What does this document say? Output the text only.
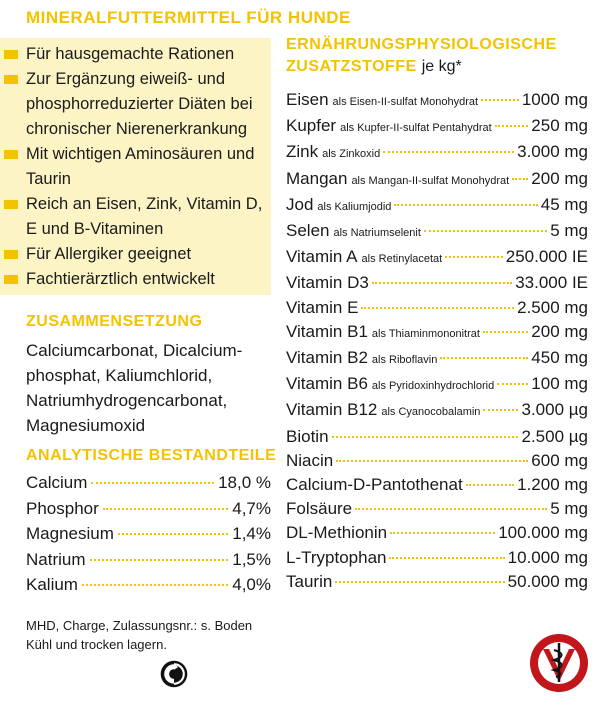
MINERALFUTTERMITTEL FÜR HUNDE
Für hausgemachte Rationen
Zur Ergänzung eiweiß- und phosphorreduzierter Diäten bei chronischer Nierenerkrankung
Mit wichtigen Aminosäuren und Taurin
Reich an Eisen, Zink, Vitamin D, E und B-Vitaminen
Für Allergiker geeignet
Fachtierärztlich entwickelt
ZUSAMMENSETZUNG
Calciumcarbonat, Dicalcium-phosphat, Kaliumchlorid, Natriumhydrogencarbonat, Magnesiumoxid
ANALYTISCHE BESTANDTEILE
Calcium	18,0 %
Phosphor	4,7%
Magnesium	1,4%
Natrium	1,5%
Kalium	4,0%
MHD, Charge, Zulassungsnr.: s. Boden
Kühl und trocken lagern.
ERNÄHRUNGSPHYSIOLOGISCHE ZUSATZSTOFFE je kg*
Eisen als Eisen-II-sulfat Monohydrat	1000 mg
Kupfer als Kupfer-II-sulfat Pentahydrat 250 mg
Zink als Zinkoxid	3.000 mg
Mangan als Mangan-II-sulfat Monohydrat 200 mg
Jod als Kaliumjodid	45 mg
Selen als Natriumselenit	5 mg
Vitamin A als Retinylacetat	250.000 IE
Vitamin D3	33.000 IE
Vitamin E	2.500 mg
Vitamin B1 als Thiaminmononitrat	200 mg
Vitamin B2 als Riboflavin	450 mg
Vitamin B6 als Pyridoxinhydrochlorid 100 mg
Vitamin B12 als Cyanocobalamin 3.000 µg
Biotin	2.500 µg
Niacin	600 mg
Calcium-D-Pantothenat	1.200 mg
Folsäure	5 mg
DL-Methionin	100.000 mg
L-Tryptophan	10.000 mg
Taurin	50.000 mg
